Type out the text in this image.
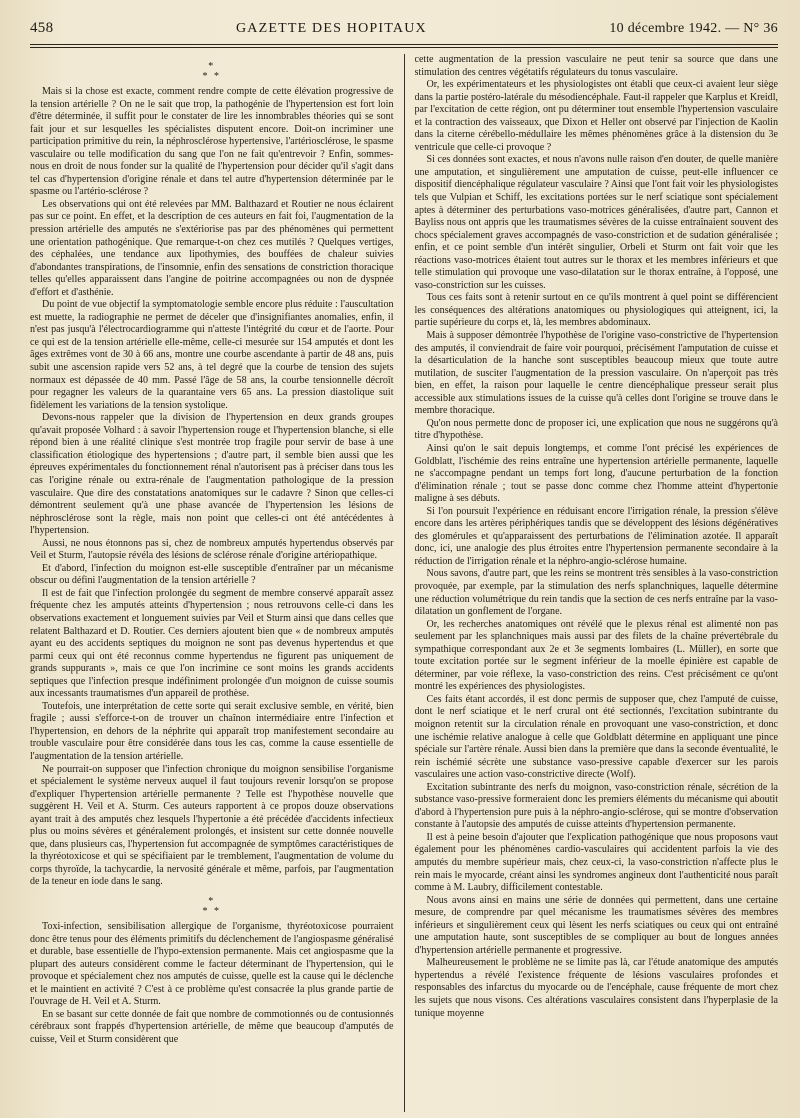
458	GAZETTE DES HOPITAUX	10 décembre 1942. — N° 36
*
* *

Mais si la chose est exacte, comment rendre compte de cette élévation progressive de la tension artérielle ? On ne le sait que trop, la pathogénie de l'hypertension est fort loin d'être déterminée, il suffit pour le constater de lire les innombrables théories qui se sont fait jour et sur lesquelles les spécialistes disputent encore. Doit-on incriminer une participation primitive du rein, la néphrosclérose hypertensive, l'artériosclérose, le spasme vasculaire ou telle modification du sang que l'on ne fait qu'entrevoir ? Enfin, sommes-nous en droit de nous fonder sur la qualité de l'hypertension pour décider qu'il s'agit dans tel cas d'hypertension d'origine rénale et dans tel autre d'hypertension déterminée par le spasme ou l'artério-sclérose ?

Les observations qui ont été relevées par MM. Balthazard et Routier ne nous éclairent pas sur ce point. En effet, et la description de ces auteurs en fait foi, l'augmentation de la pression artérielle des amputés ne s'extériorise pas par des phénomènes qui permettent une orientation pathogénique. Que remarque-t-on chez ces mutilés ? Quelques vertiges, des céphalées, une tendance aux lipothymies, des bouffées de chaleur suivies d'abondantes transpirations, de l'insomnie, enfin des sensations de constriction thoracique telles qu'elles apparaissent dans l'angine de poitrine accompagnées ou non de dyspnée d'effort et d'asthénie.

Du point de vue objectif la symptomatologie semble encore plus réduite : l'auscultation est muette, la radiographie ne permet de déceler que d'insignifiantes anomalies, enfin, il n'est pas jusqu'à l'électrocardiogramme qui n'atteste l'intégrité du cœur et de l'aorte. Pour ce qui est de la tension artérielle elle-même, celle-ci mesurée sur 154 amputés et dont les âges extrêmes vont de 30 à 66 ans, montre une courbe ascendante à partir de 48 ans, puis subit une ascension rapide vers 52 ans, à tel degré que la courbe de tension des sujets normaux est dépassée de 40 mm. Passé l'âge de 58 ans, la courbe tensionnelle décroît pour regagner les valeurs de la quarantaine vers 65 ans. La pression diastolique suit fidèlement les variations de la tension systolique.

Devons-nous rappeler que la division de l'hypertension en deux grands groupes qu'avait proposée Volhard : à savoir l'hypertension rouge et l'hypertension blanche, si elle répond bien à une réalité clinique s'est montrée trop fragile pour servir de base à une classification étiologique des hypertensions ; d'autre part, il semble bien aussi que les épreuves expérimentales du fonctionnement rénal n'autorisent pas à préciser dans tous les cas l'origine rénale ou extra-rénale de l'augmentation pathologique de la pression vasculaire. Que dire des constatations anatomiques sur le cadavre ? Sinon que celles-ci démontrent seulement qu'à une phase avancée de l'hypertension les lésions de néphrosclérose sont la règle, mais non point que celles-ci ont été antécédentes à l'hypertension.

Aussi, ne nous étonnons pas si, chez de nombreux amputés hypertendus observés par Veil et Sturm, l'autopsie révéla des lésions de sclérose rénale d'origine artériopathique.

Et d'abord, l'infection du moignon est-elle susceptible d'entraîner par un mécanisme obscur ou défini l'augmentation de la tension artérielle ?

Il est de fait que l'infection prolongée du segment de membre conservé apparaît assez fréquente chez les amputés atteints d'hypertension ; nous retrouvons celle-ci dans les observations exactement et longuement suivies par Veil et Sturm ainsi que dans celles que relatent Balthazard et D. Routier. Ces derniers ajoutent bien que « de nombreux amputés ayant eu des accidents septiques du moignon ne sont pas devenus hypertendus et que parmi ceux qui ont été reconnus comme hypertendus ne figurent pas uniquement de grands suppurants », mais ce que l'on incrimine ce sont moins les grands accidents septiques que l'infection presque indéfiniment prolongée d'un moignon de cuisse soumis aux incessants traumatismes d'un appareil de prothèse.

Toutefois, une interprétation de cette sorte qui serait exclusive semble, en vérité, bien fragile ; aussi s'efforce-t-on de trouver un chaînon intermédiaire entre l'infection et l'hypertension, en dehors de la néphrite qui apparaît trop manifestement secondaire au trouble vasculaire pour être considérée dans tous les cas, comme la cause essentielle de l'augmentation de la tension artérielle.

Ne pourrait-on supposer que l'infection chronique du moignon sensibilise l'organisme et spécialement le système nerveux auquel il faut toujours revenir lorsqu'on se propose d'expliquer l'hypertension artérielle permanente ? Telle est l'hypothèse nouvelle que suggèrent H. Veil et A. Sturm. Ces auteurs rapportent à ce propos douze observations ayant trait à des amputés chez lesquels l'hypertonie a été précédée d'accidents infectieux plus ou moins sévères et généralement prolongés, et insistent sur cette donnée nouvelle que, dans plusieurs cas, l'hypertension fut accompagnée de symptômes caractéristiques de la thyréotoxicose et qui se spécifiaient par le tremblement, l'augmentation de volume du corps thyroïde, la tachycardie, la nervosité générale et même, parfois, par l'augmentation de la teneur en iode dans le sang.

*
* *

Toxi-infection, sensibilisation allergique de l'organisme, thyréotoxicose pourraient donc être tenus pour des éléments primitifs du déclenchement de l'angiospasme généralisé et durable, base essentielle de l'hypo-extension permanente. Mais cet angiospasme que la plupart des auteurs considèrent comme le facteur déterminant de l'hypertension, qui le provoque et spécialement chez nos amputés de cuisse, quelle est la cause qui le déclenche et le maintient en activité ? C'est à ce problème qu'est consacrée la plus grande partie de l'ouvrage de H. Veil et A. Sturm.

En se basant sur cette donnée de fait que nombre de commotionnés ou de contusionnés cérébraux sont frappés d'hypertension artérielle, de même que beaucoup d'amputés de cuisse, Veil et Sturm considèrent que

cette augmentation de la pression vasculaire ne peut tenir sa source que dans une stimulation des centres végétatifs régulateurs du tonus vasculaire.

Or, les expérimentateurs et les physiologistes ont établi que ceux-ci avaient leur siège dans la partie postéro-latérale du mésodiencéphale. Faut-il rappeler que Karplus et Kreidl, par l'excitation de cette région, ont pu déterminer tout ensemble l'hypertension vasculaire et la contraction des vaisseaux, que Dixon et Heller ont observé par l'injection de Kaolin dans la citerne cérébello-médullaire les mêmes phénomènes grâce à la distension du 3e ventricule que celle-ci provoque ?

Si ces données sont exactes, et nous n'avons nulle raison d'en douter, de quelle manière une amputation, et singulièrement une amputation de cuisse, peut-elle influencer ce dispositif diencéphalique régulateur vasculaire ? Ainsi que l'ont fait voir les physiologistes tels que Vulpian et Schiff, les excitations portées sur le nerf sciatique sont spécialement aptes à déterminer des perturbations vaso-motrices généralisées, d'autre part, Cannon et Bayliss nous ont appris que les traumatismes sévères de la cuisse entraînaient souvent des chocs spécialement graves accompagnés de vaso-constriction et de sudation généralisée ; enfin, et ce point semble d'un intérêt singulier, Orbeli et Sturm ont fait voir que les réactions vaso-motrices étaient tout autres sur le thorax et les membres inférieurs et que telle stimulation qui provoque une vaso-dilatation sur le thorax entraîne, à l'opposé, une vaso-constriction sur les cuisses.

Tous ces faits sont à retenir surtout en ce qu'ils montrent à quel point se différencient les conséquences des altérations anatomiques ou physiologiques qui atteignent, ici, la partie supérieure du corps et, là, les membres abdominaux.

Mais à supposer démontrée l'hypothèse de l'origine vaso-constrictive de l'hypertension des amputés, il conviendrait de faire voir pourquoi, précisément l'amputation de cuisse et la désarticulation de la hanche sont susceptibles beaucoup mieux que toute autre mutilation, de susciter l'augmentation de la pression vasculaire. On n'aperçoit pas très bien, en effet, la raison pour laquelle le centre diencéphalique presseur serait plus accessible aux stimulations issues de la cuisse qu'à celles dont l'origine se trouve dans le membre thoracique.

Qu'on nous permette donc de proposer ici, une explication que nous ne suggérons qu'à titre d'hypothèse.

Ainsi qu'on le sait depuis longtemps, et comme l'ont précisé les expériences de Goldblatt, l'ischémie des reins entraîne une hypertension artérielle permanente, laquelle ne s'accompagne pendant un temps fort long, d'aucune perturbation de la fonction d'élimination rénale ; tout se passe donc comme chez l'homme atteint d'hypertonie maligne à ses débuts.

Si l'on poursuit l'expérience en réduisant encore l'irrigation rénale, la pression s'élève encore dans les artères périphériques tandis que se développent des lésions dégénératives des glomérules et qu'apparaissent des perturbations de l'élimination azotée. Il apparaît donc, ici, une analogie des plus étroites entre l'hypertension permanente secondaire à la réduction de l'irrigation rénale et la néphro-angio-sclérose humaine.

Nous savons, d'autre part, que les reins se montrent très sensibles à la vaso-constriction provoquée, par exemple, par la stimulation des nerfs splanchniques, laquelle détermine une réduction volumétrique du rein tandis que la section de ces nerfs entraîne par la vaso-dilatation un gonflement de l'organe.

Or, les recherches anatomiques ont révélé que le plexus rénal est alimenté non pas seulement par les splanchniques mais aussi par des filets de la chaîne prévertébrale du sympathique correspondant aux 2e et 3e segments lombaires (L. Müller), en sorte que toute excitation portée sur le segment inférieur de la moelle épinière est capable de déterminer, par voie réflexe, la vaso-constriction des reins. C'est précisément ce qu'ont montré les expériences des physiologistes.

Ces faits étant accordés, il est donc permis de supposer que, chez l'amputé de cuisse, dont le nerf sciatique et le nerf crural ont été sectionnés, l'excitation subintrante du moignon retentit sur la circulation rénale en provoquant une vaso-constriction, et donc une ischémie relative analogue à celle que Goldblatt détermine en appliquant une pince spéciale sur l'artère rénale. Aussi bien dans la première que dans la seconde éventualité, le rein ischémié sécrète une substance vaso-pressive capable d'exercer sur les parois vasculaires une action vaso-constrictive directe (Wolf).

Excitation subintrante des nerfs du moignon, vaso-constriction rénale, sécrétion de la substance vaso-pressive formeraient donc les premiers éléments du mécanisme qui aboutit d'abord à l'hypertension pure puis à la néphro-angio-sclérose, qui se montre d'observation constante à l'autopsie des amputés de cuisse atteints d'hypertension permanente.

Il est à peine besoin d'ajouter que l'explication pathogénique que nous proposons vaut également pour les phénomènes cardio-vasculaires qui accidentent parfois la vie des amputés du membre supérieur mais, chez ceux-ci, la vaso-constriction n'affecte plus le rein mais le myocarde, créant ainsi les syndromes angineux dont l'authenticité nous paraît comme à M. Laubry, difficilement contestable.

Nous avons ainsi en mains une série de données qui permettent, dans une certaine mesure, de comprendre par quel mécanisme les traumatismes sévères des membres inférieurs et singulièrement ceux qui lèsent les nerfs sciatiques ou ceux qui ont entraîné une amputation haute, sont susceptibles de se compliquer au bout de longues années d'hypertension artérielle permanente et progressive.

Malheureusement le problème ne se limite pas là, car l'étude anatomique des amputés hypertendus a révélé l'existence fréquente de lésions vasculaires profondes et responsables des infarctus du myocarde ou de l'encéphale, cause fréquente de mort chez les sujets que nous visons. Ces altérations vasculaires consistent dans l'hyperplasie de la tunique moyenne
